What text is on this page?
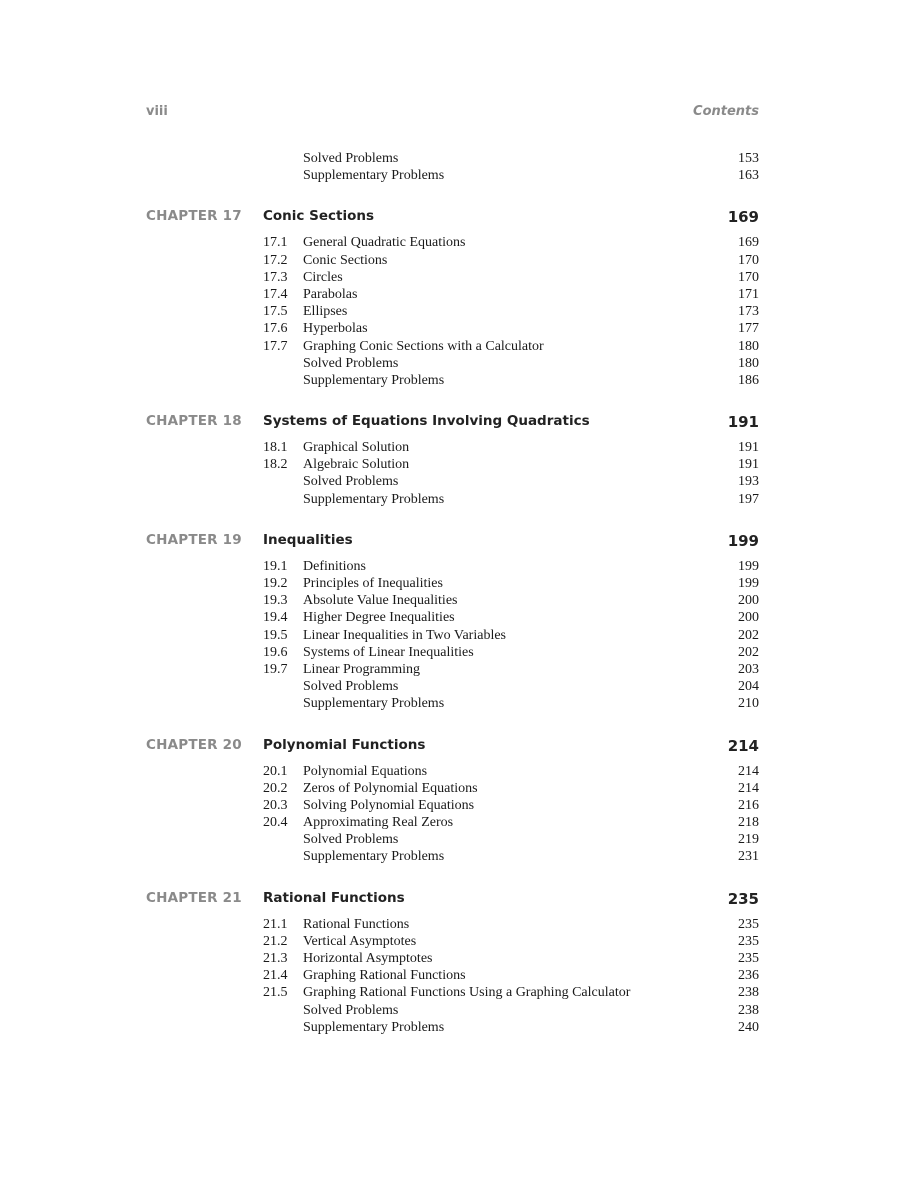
viii	Contents
Solved Problems	153
Supplementary Problems	163
CHAPTER 17 Conic Sections	169
17.1 General Quadratic Equations	169
17.2 Conic Sections	170
17.3 Circles	170
17.4 Parabolas	171
17.5 Ellipses	173
17.6 Hyperbolas	177
17.7 Graphing Conic Sections with a Calculator	180
Solved Problems	180
Supplementary Problems	186
CHAPTER 18 Systems of Equations Involving Quadratics	191
18.1 Graphical Solution	191
18.2 Algebraic Solution	191
Solved Problems	193
Supplementary Problems	197
CHAPTER 19 Inequalities	199
19.1 Definitions	199
19.2 Principles of Inequalities	199
19.3 Absolute Value Inequalities	200
19.4 Higher Degree Inequalities	200
19.5 Linear Inequalities in Two Variables	202
19.6 Systems of Linear Inequalities	202
19.7 Linear Programming	203
Solved Problems	204
Supplementary Problems	210
CHAPTER 20 Polynomial Functions	214
20.1 Polynomial Equations	214
20.2 Zeros of Polynomial Equations	214
20.3 Solving Polynomial Equations	216
20.4 Approximating Real Zeros	218
Solved Problems	219
Supplementary Problems	231
CHAPTER 21 Rational Functions	235
21.1 Rational Functions	235
21.2 Vertical Asymptotes	235
21.3 Horizontal Asymptotes	235
21.4 Graphing Rational Functions	236
21.5 Graphing Rational Functions Using a Graphing Calculator	238
Solved Problems	238
Supplementary Problems	240
